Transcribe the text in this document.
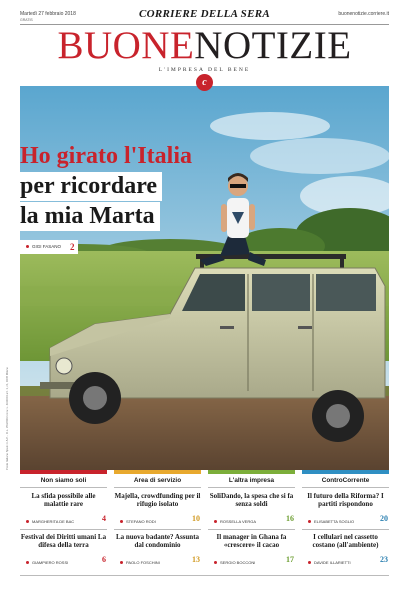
Martedì 27 febbraio 2018
GRATIS	CORRIERE DELLA SERA	buonenotizie.corriere.it
BUONENOTIZIE
L'IMPRESA DEL BENE
Ho girato l'Italia
per ricordare
la mia Marta
GIGI FASANO 2
Poste Italiane Sped. in A.P. - D.L. 353/2003 conv. L. 46/2004 art. 1, c1, DCB Milano
c
Non siamo soli
La sfida possibile alle malattie rare
MARGHERITA DE BAC	4
Festival dei Diritti umani La difesa della terra
GIAMPIERO ROSSI	6
Area di servizio
Majella, crowdfunding per il rifugio isolato
STEFANO RODI	10
La nuova badante? Assunta dal condominio
PAOLO FOSCHINI	13
L'altra impresa
SoliDando, la spesa che si fa senza soldi
ROSSELLA VERGA	16
Il manager in Ghana fa «crescere» il cacao
SERGIO BOCCONI	17
ControCorrente
Il futuro della Riforma? I partiti rispondono
ELISABETTA SOGLIO	20
I cellulari nel cassetto costano (all'ambiente)
DAVIDE ILLARIETTI	23
